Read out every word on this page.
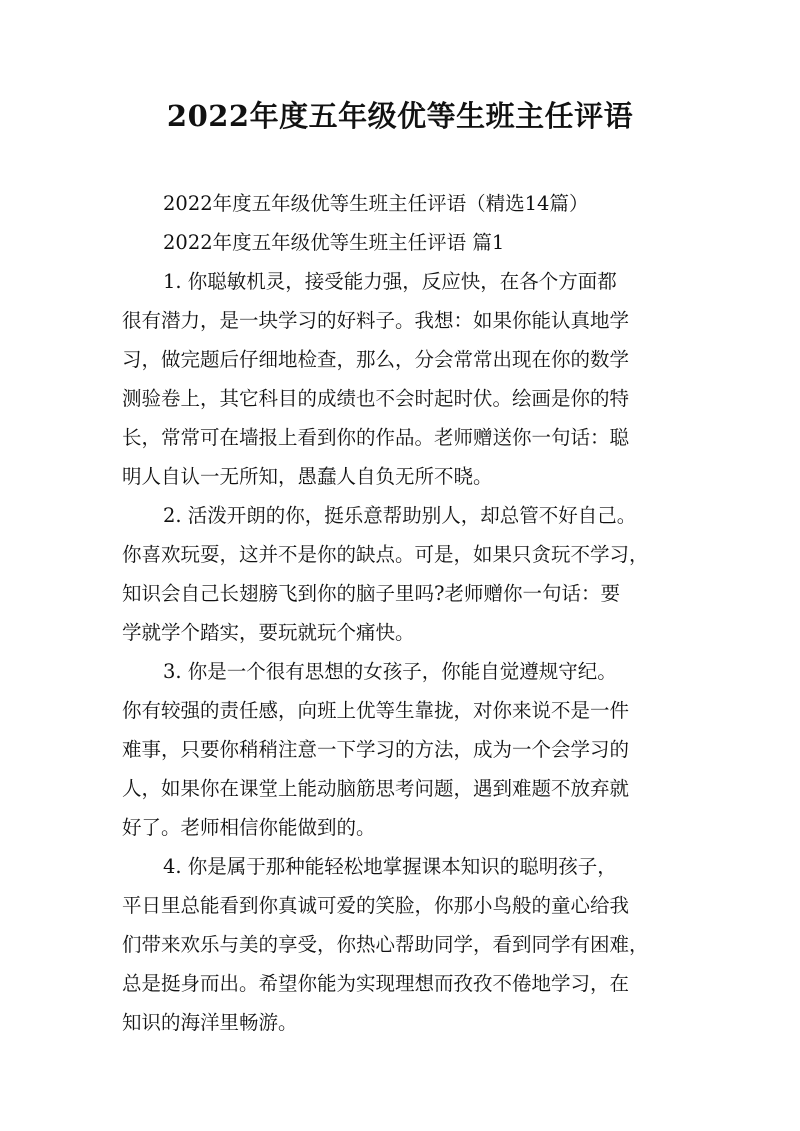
2022年度五年级优等生班主任评语
2022年度五年级优等生班主任评语（精选14篇）
2022年度五年级优等生班主任评语 篇1
1. 你聪敏机灵，接受能力强，反应快，在各个方面都
很有潜力，是一块学习的好料子。我想：如果你能认真地学
习，做完题后仔细地检查，那么，分会常常出现在你的数学
测验卷上，其它科目的成绩也不会时起时伏。绘画是你的特
长，常常可在墙报上看到你的作品。老师赠送你一句话：聪
明人自认一无所知，愚蠢人自负无所不晓。
2. 活泼开朗的你，挺乐意帮助别人，却总管不好自己。
你喜欢玩耍，这并不是你的缺点。可是，如果只贪玩不学习，
知识会自己长翅膀飞到你的脑子里吗?老师赠你一句话：要
学就学个踏实，要玩就玩个痛快。
3. 你是一个很有思想的女孩子，你能自觉遵规守纪。
你有较强的责任感，向班上优等生靠拢，对你来说不是一件
难事，只要你稍稍注意一下学习的方法，成为一个会学习的
人，如果你在课堂上能动脑筋思考问题，遇到难题不放弃就
好了。老师相信你能做到的。
4. 你是属于那种能轻松地掌握课本知识的聪明孩子，
平日里总能看到你真诚可爱的笑脸，你那小鸟般的童心给我
们带来欢乐与美的享受，你热心帮助同学，看到同学有困难，
总是挺身而出。希望你能为实现理想而孜孜不倦地学习，在
知识的海洋里畅游。
